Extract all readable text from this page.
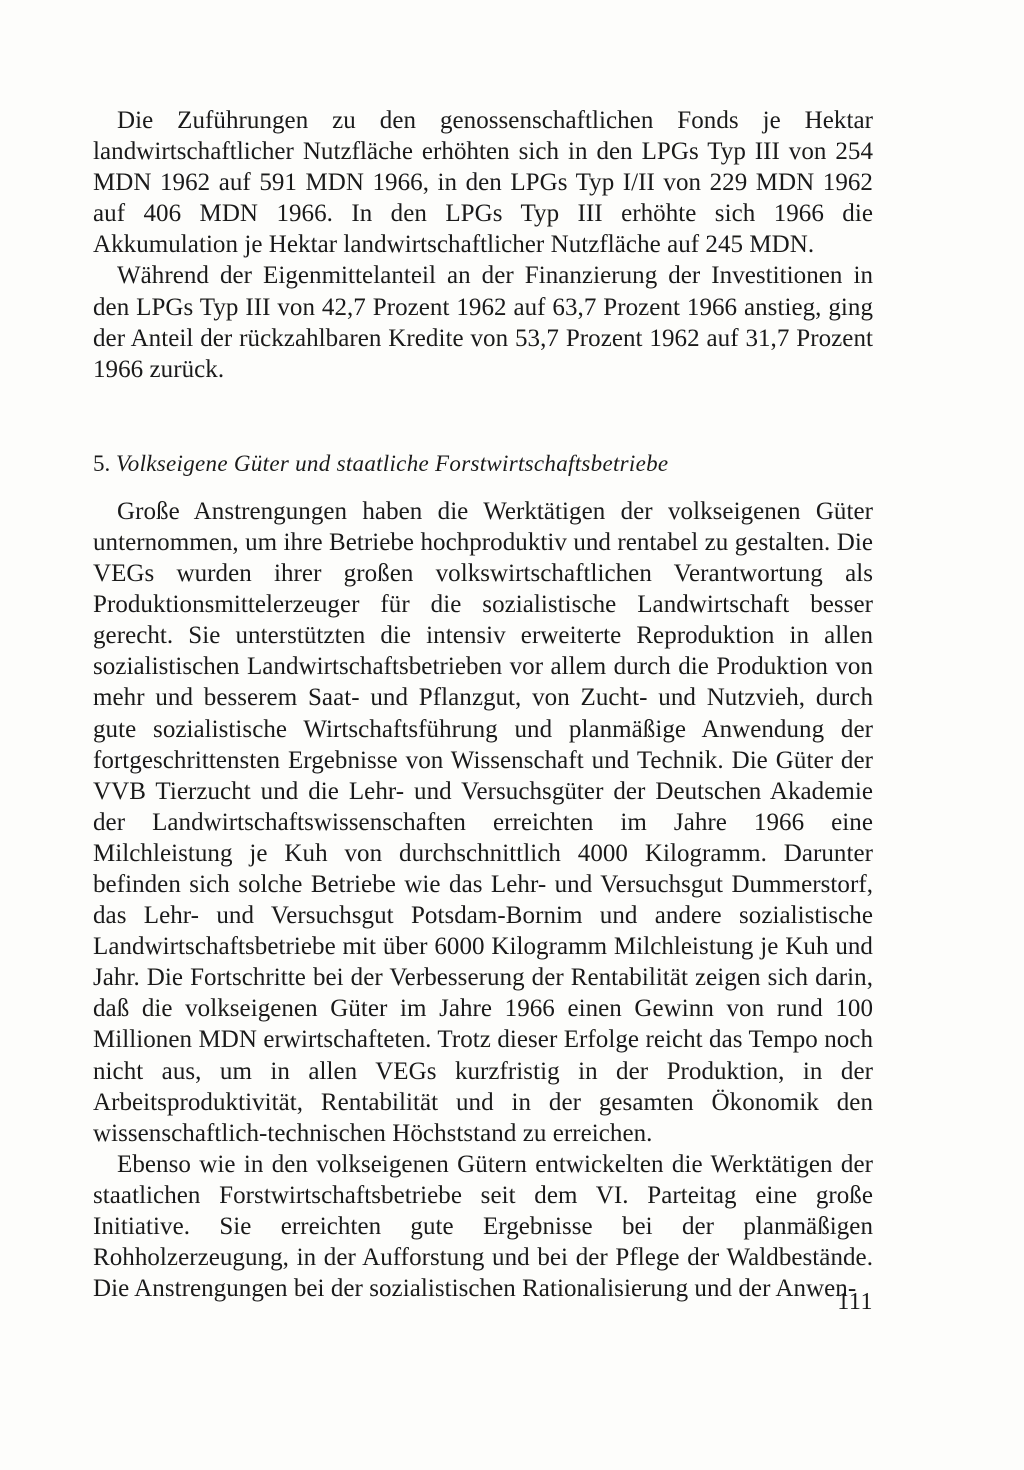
Die Zuführungen zu den genossenschaftlichen Fonds je Hektar landwirtschaftlicher Nutzfläche erhöhten sich in den LPGs Typ III von 254 MDN 1962 auf 591 MDN 1966, in den LPGs Typ I/II von 229 MDN 1962 auf 406 MDN 1966. In den LPGs Typ III erhöhte sich 1966 die Akkumulation je Hektar landwirtschaftlicher Nutzfläche auf 245 MDN.

Während der Eigenmittelanteil an der Finanzierung der Investitionen in den LPGs Typ III von 42,7 Prozent 1962 auf 63,7 Prozent 1966 anstieg, ging der Anteil der rückzahlbaren Kredite von 53,7 Prozent 1962 auf 31,7 Prozent 1966 zurück.

5. Volkseigene Güter und staatliche Forstwirtschaftsbetriebe

Große Anstrengungen haben die Werktätigen der volkseigenen Güter unternommen, um ihre Betriebe hochproduktiv und rentabel zu gestalten. Die VEGs wurden ihrer großen volkswirtschaftlichen Verantwortung als Produktionsmittelerzeuger für die sozialistische Landwirtschaft besser gerecht. Sie unterstützten die intensiv erweiterte Reproduktion in allen sozialistischen Landwirtschaftsbetrieben vor allem durch die Produktion von mehr und besserem Saat- und Pflanzgut, von Zucht- und Nutzvieh, durch gute sozialistische Wirtschaftsführung und planmäßige Anwendung der fortgeschrittensten Ergebnisse von Wissenschaft und Technik. Die Güter der VVB Tierzucht und die Lehr- und Versuchsgüter der Deutschen Akademie der Landwirtschaftswissenschaften erreichten im Jahre 1966 eine Milchleistung je Kuh von durchschnittlich 4000 Kilogramm. Darunter befinden sich solche Betriebe wie das Lehr- und Versuchsgut Dummerstorf, das Lehr- und Versuchsgut Potsdam-Bornim und andere sozialistische Landwirtschaftsbetriebe mit über 6000 Kilogramm Milchleistung je Kuh und Jahr. Die Fortschritte bei der Verbesserung der Rentabilität zeigen sich darin, daß die volkseigenen Güter im Jahre 1966 einen Gewinn von rund 100 Millionen MDN erwirtschafteten. Trotz dieser Erfolge reicht das Tempo noch nicht aus, um in allen VEGs kurzfristig in der Produktion, in der Arbeitsproduktivität, Rentabilität und in der gesamten Ökonomik den wissenschaftlich-technischen Höchststand zu erreichen.

Ebenso wie in den volkseigenen Gütern entwickelten die Werktätigen der staatlichen Forstwirtschaftsbetriebe seit dem VI. Parteitag eine große Initiative. Sie erreichten gute Ergebnisse bei der planmäßigen Rohholzerzeugung, in der Aufforstung und bei der Pflege der Waldbestände. Die Anstrengungen bei der sozialistischen Rationalisierung und der Anwen-

111
